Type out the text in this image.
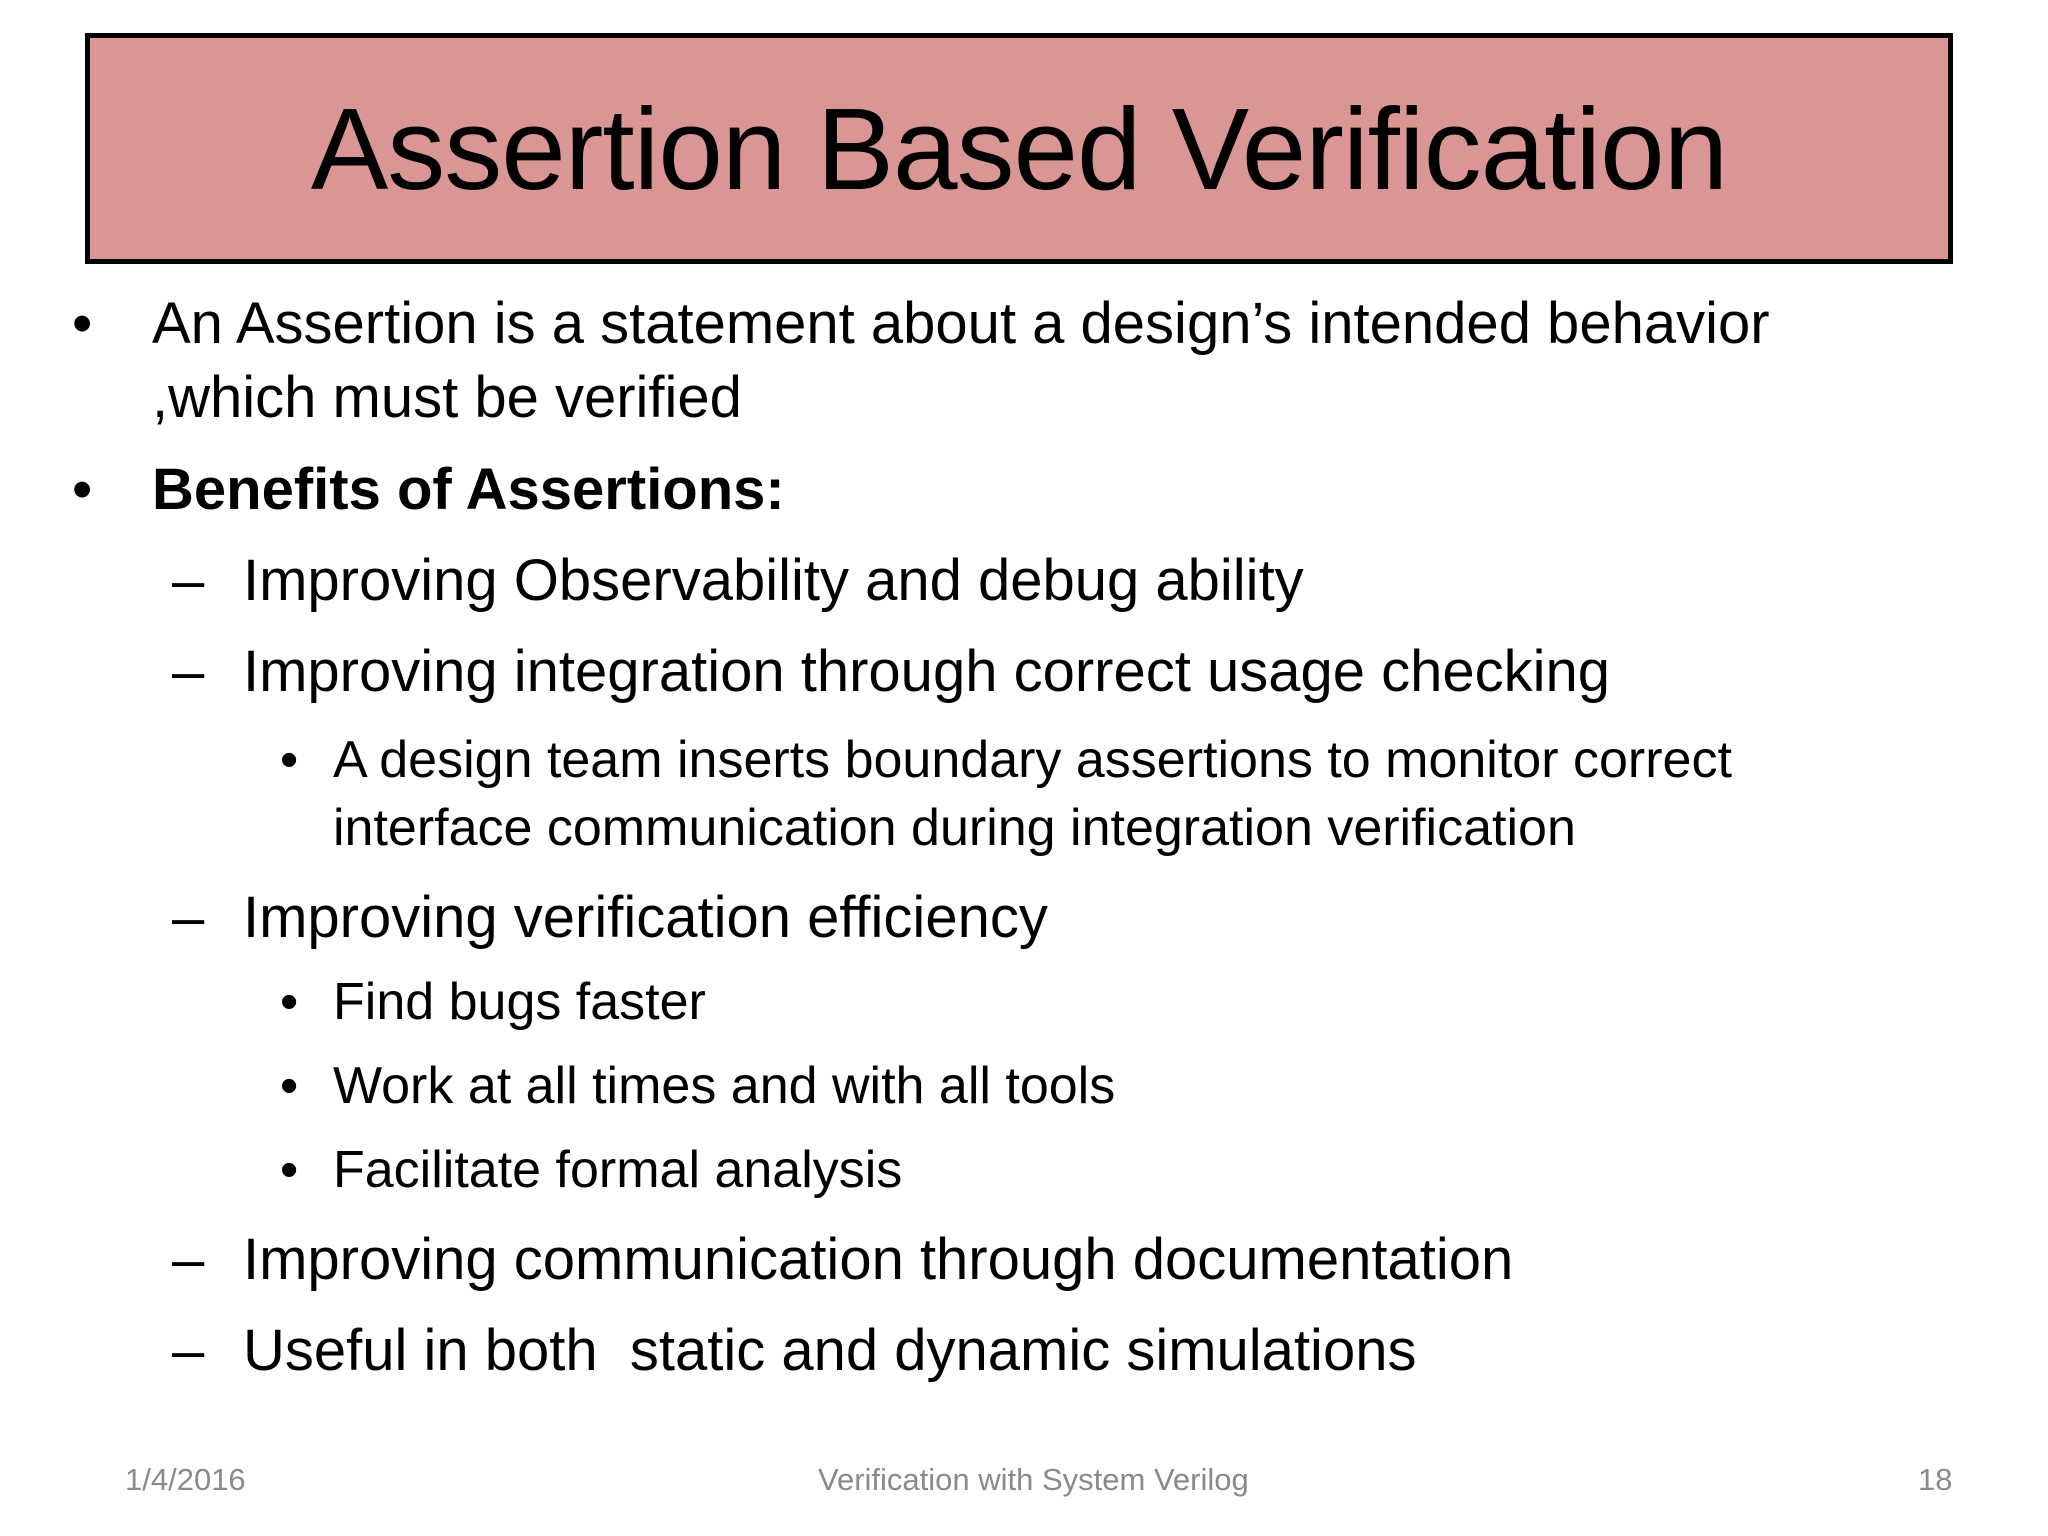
Assertion Based Verification
• An Assertion is a statement about a design’s intended behavior
,which must be verified
• Benefits of Assertions:
– Improving Observability and debug ability
– Improving integration through correct usage checking
• A design team inserts boundary assertions to monitor correct
interface communication during integration verification
– Improving verification efficiency
• Find bugs faster
• Work at all times and with all tools
• Facilitate formal analysis
– Improving communication through documentation
– Useful in both  static and dynamic simulations
1/4/2016	Verification with System Verilog	18
